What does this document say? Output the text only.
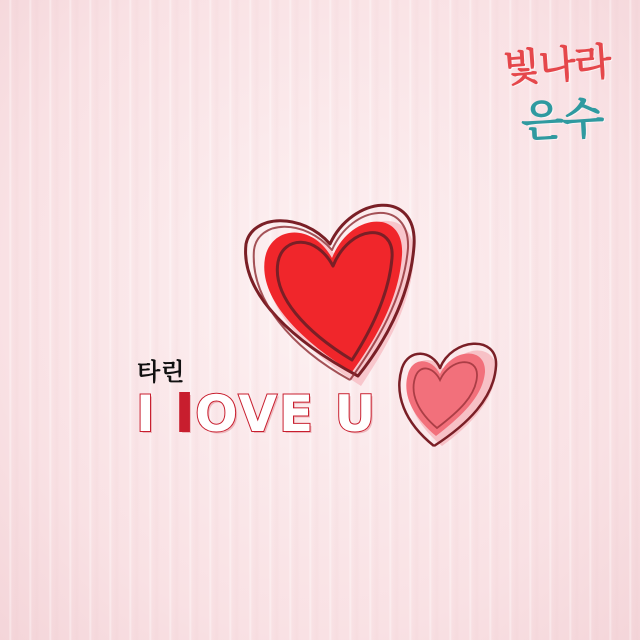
빛나라
은수
타린
I lOVE U
